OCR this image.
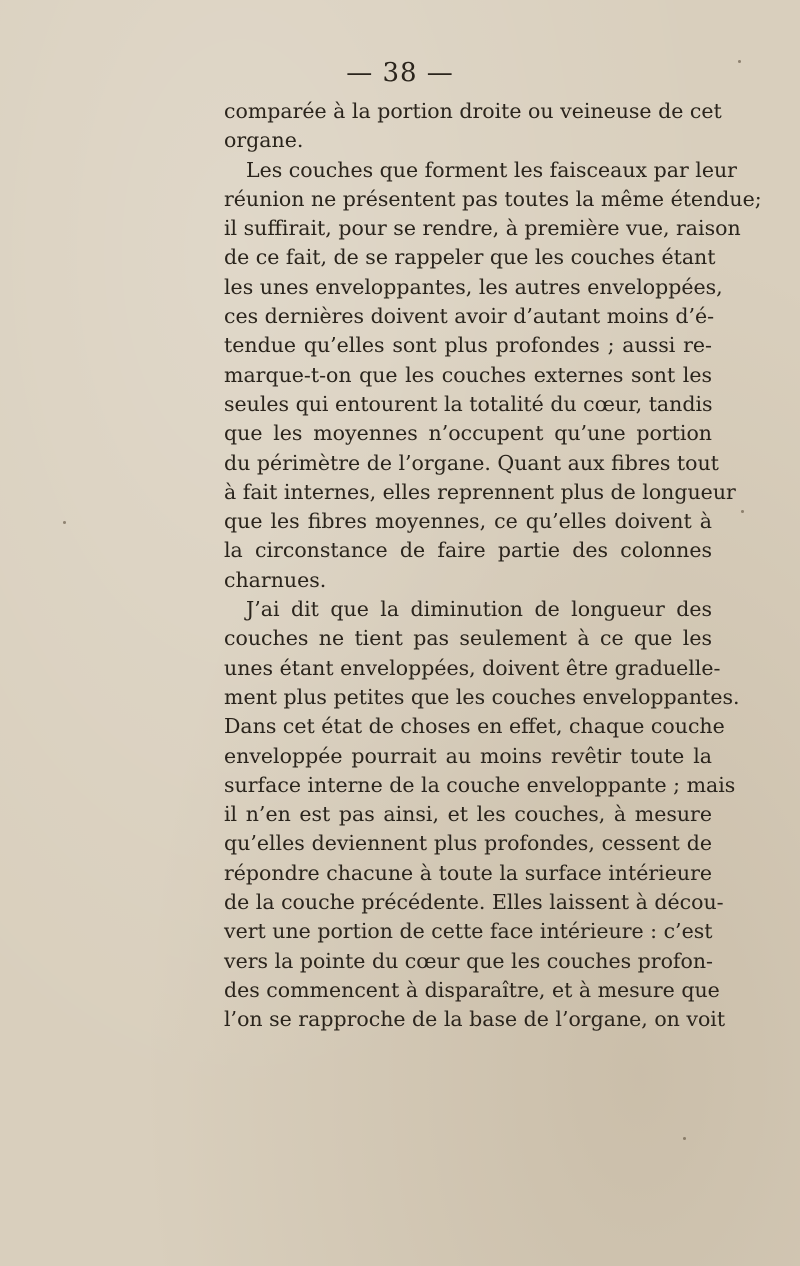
— 38 —
comparée à la portion droite ou veineuse de cet
organe.
Les couches que forment les faisceaux par leur
réunion ne présentent pas toutes la même étendue;
il suffirait, pour se rendre, à première vue, raison
de ce fait, de se rappeler que les couches étant
les unes enveloppantes, les autres enveloppées,
ces dernières doivent avoir d’autant moins d’é-
tendue qu’elles sont plus profondes ; aussi re-
marque-t-on que les couches externes sont les
seules qui entourent la totalité du cœur, tandis
que les moyennes n’occupent qu’une portion
du périmètre de l’organe. Quant aux fibres tout
à fait internes, elles reprennent plus de longueur
que les fibres moyennes, ce qu’elles doivent à
la circonstance de faire partie des colonnes
charnues.
J’ai dit que la diminution de longueur des
couches ne tient pas seulement à ce que les
unes étant enveloppées, doivent être graduelle-
ment plus petites que les couches enveloppantes.
Dans cet état de choses en effet, chaque couche
enveloppée pourrait au moins revêtir toute la
surface interne de la couche enveloppante ; mais
il n’en est pas ainsi, et les couches, à mesure
qu’elles deviennent plus profondes, cessent de
répondre chacune à toute la surface intérieure
de la couche précédente. Elles laissent à décou-
vert une portion de cette face intérieure : c’est
vers la pointe du cœur que les couches profon-
des commencent à disparaître, et à mesure que
l’on se rapproche de la base de l’organe, on voit
